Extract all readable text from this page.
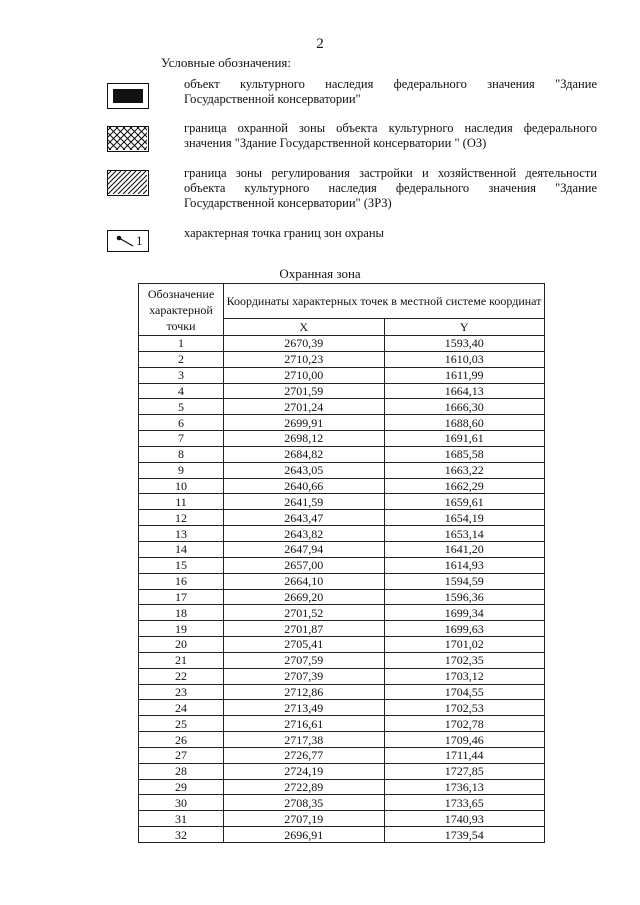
2
Условные обозначения:
объект культурного наследия федерального значения "Здание Государственной консерватории"
граница охранной зоны объекта культурного наследия федерального значения "Здание Государственной консерватории " (ОЗ)
граница зоны регулирования застройки и хозяйственной деятельности объекта культурного наследия федерального значения "Здание Государственной консерватории" (ЗРЗ)
1	характерная точка границ зон охраны
Охранная зона
Обозначение характерной точки	Координаты характерных точек в местной системе координат	
	X	Y
1	2670,39	1593,40
2	2710,23	1610,03
3	2710,00	1611,99
4	2701,59	1664,13
5	2701,24	1666,30
6	2699,91	1688,60
7	2698,12	1691,61
8	2684,82	1685,58
9	2643,05	1663,22
10	2640,66	1662,29
11	2641,59	1659,61
12	2643,47	1654,19
13	2643,82	1653,14
14	2647,94	1641,20
15	2657,00	1614,93
16	2664,10	1594,59
17	2669,20	1596,36
18	2701,52	1699,34
19	2701,87	1699,63
20	2705,41	1701,02
21	2707,59	1702,35
22	2707,39	1703,12
23	2712,86	1704,55
24	2713,49	1702,53
25	2716,61	1702,78
26	2717,38	1709,46
27	2726,77	1711,44
28	2724,19	1727,85
29	2722,89	1736,13
30	2708,35	1733,65
31	2707,19	1740,93
32	2696,91	1739,54
